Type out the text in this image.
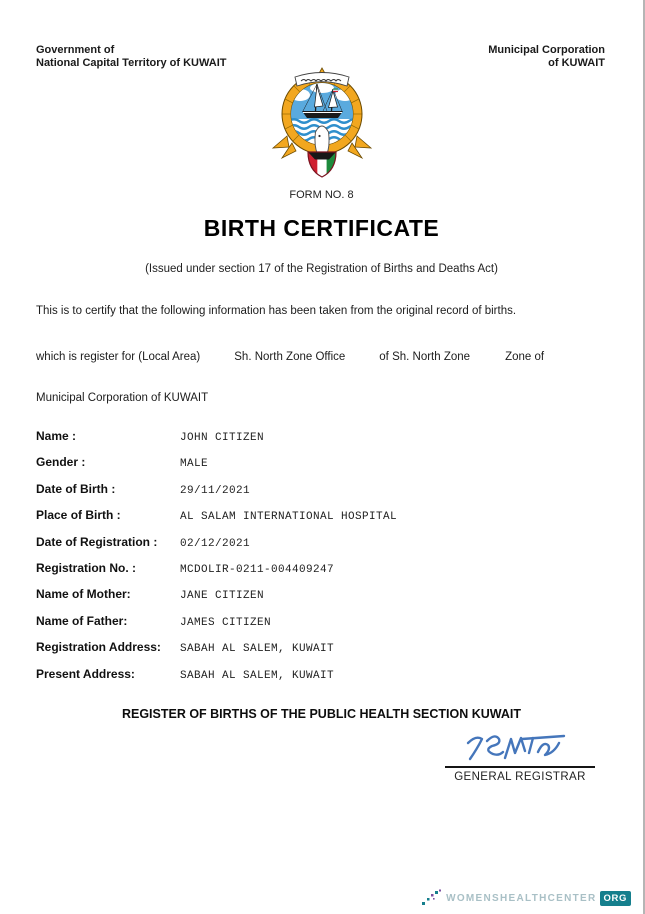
Government of
National Capital Territory of KUWAIT
Municipal Corporation
of KUWAIT
FORM NO. 8
BIRTH CERTIFICATE
(Issued under section 17 of the Registration of Births and Deaths Act)
This is to certify that the following information has been taken from the original record of births.
which is register for (Local Area)	Sh. North Zone Office	of Sh. North Zone	Zone of
Municipal Corporation of KUWAIT
Name :	JOHN CITIZEN
Gender :	MALE
Date of Birth :	29/11/2021
Place of Birth :	AL SALAM INTERNATIONAL HOSPITAL
Date of Registration :	02/12/2021
Registration No. :	MCDOLIR-0211-004409247
Name of Mother:	JANE CITIZEN
Name of Father:	JAMES CITIZEN
Registration Address:	SABAH AL SALEM, KUWAIT
Present Address:	SABAH AL SALEM, KUWAIT
REGISTER OF BIRTHS OF THE PUBLIC HEALTH SECTION KUWAIT
GENERAL REGISTRAR
WOMENSHEALTHCENTER ORG
